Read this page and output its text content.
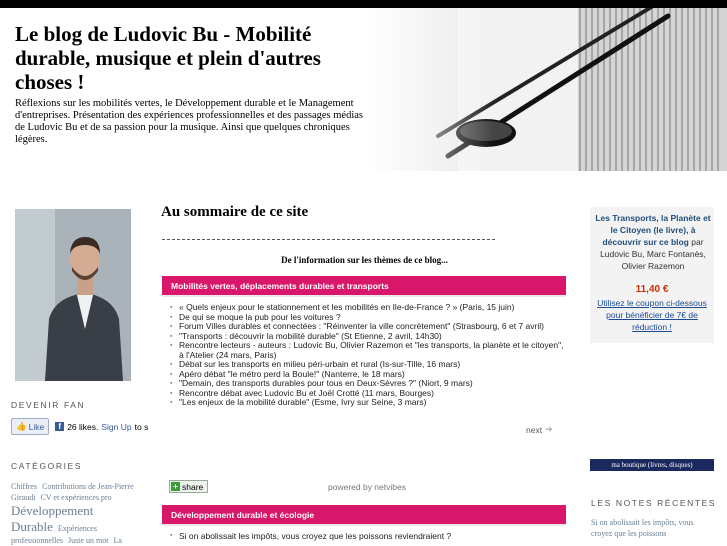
Le blog de Ludovic Bu - Mobilité durable, musique et plein d'autres choses !

Réflexions sur les mobilités vertes, le Développement durable et le Management d'entreprises. Présentation des expériences professionnelles et des passages médias de Ludovic Bu et de sa passion pour la musique. Ainsi que quelques chroniques légères.

DEVENIR FAN
👍 Like	f 26 likes. Sign Up to s
CATÉGORIES
Chiffres Contributions de Jean-Pierre Giraudi CV et expériences pro Développement Durable Expériences professionnelles Juste un mot La
Au sommaire de ce site
De l'information sur les thèmes de ce blog...
Mobilités vertes, déplacements durables et transports
▪ « Quels enjeux pour le stationnement et les mobilités en Ile-de-France ? » (Paris, 15 juin)
▪ De qui se moque la pub pour les voitures ?
▪ Forum Villes durables et connectées : "Réinventer la ville concrètement" (Strasbourg, 6 et 7 avril)
▪ "Transports : découvrir la mobilité durable" (St Etienne, 2 avril, 14h30)
▪ Rencontre lecteurs - auteurs : Ludovic Bu, Olivier Razemon et "les transports, la planète et le citoyen", à l'Atelier (24 mars, Paris)
▪ Débat sur les transports en milieu péri-urbain et rural (Is-sur-Tille, 16 mars)
▪ Apéro débat "le métro perd la Boule!" (Nanterre, le 18 mars)
▪ "Demain, des transports durables pour tous en Deux-Sèvres ?" (Niort, 9 mars)
▪ Rencontre débat avec Ludovic Bu et Joël Crotté (11 mars, Bourges)
▪ "Les enjeux de la mobilité durable" (Esme, Ivry sur Seine, 3 mars)
next ➔
+ share	powered by netvibes
Développement durable et écologie
▪ Si on abolissait les impôts, vous croyez que les poissons reviendraient ?
Les Transports, la Planète et le Citoyen (le livre), à découvrir sur ce blog par Ludovic Bu, Marc Fontanès, Olivier Razemon
11,40 €
Utilisez le coupon ci-dessous pour bénéficier de 7€ de réduction !
ma boutique (livres, disques)
LES NOTES RÉCENTES
Si on abolissait les impôts, vous croyez que les poissons
